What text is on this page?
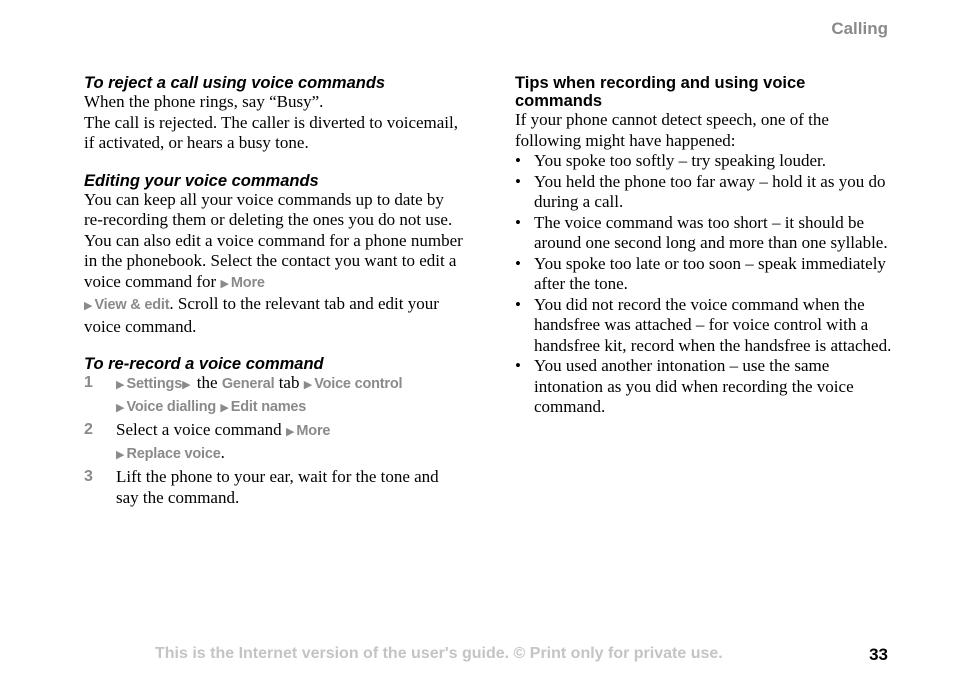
Calling
To reject a call using voice commands

When the phone rings, say “Busy”.

The call is rejected. The caller is diverted to voicemail, if activated, or hears a busy tone.

Editing your voice commands

You can keep all your voice commands up to date by re-recording them or deleting the ones you do not use. You can also edit a voice command for a phone number in the phonebook. Select the contact you want to edit a voice command for ▶ More
▶ View & edit. Scroll to the relevant tab and edit your voice command.

To re-record a voice command
1 ▶ Settings▶ the General tab ▶ Voice control
▶ Voice dialling ▶ Edit names
2 Select a voice command ▶ More
▶ Replace voice.
3 Lift the phone to your ear, wait for the tone and say the command.
Tips when recording and using voice commands

If your phone cannot detect speech, one of the following might have happened:

• You spoke too softly – try speaking louder.
• You held the phone too far away – hold it as you do during a call.
• The voice command was too short – it should be around one second long and more than one syllable.
• You spoke too late or too soon – speak immediately after the tone.
• You did not record the voice command when the handsfree was attached – for voice control with a handsfree kit, record when the handsfree is attached.
• You used another intonation – use the same intonation as you did when recording the voice command.
This is the Internet version of the user's guide. © Print only for private use.	33
